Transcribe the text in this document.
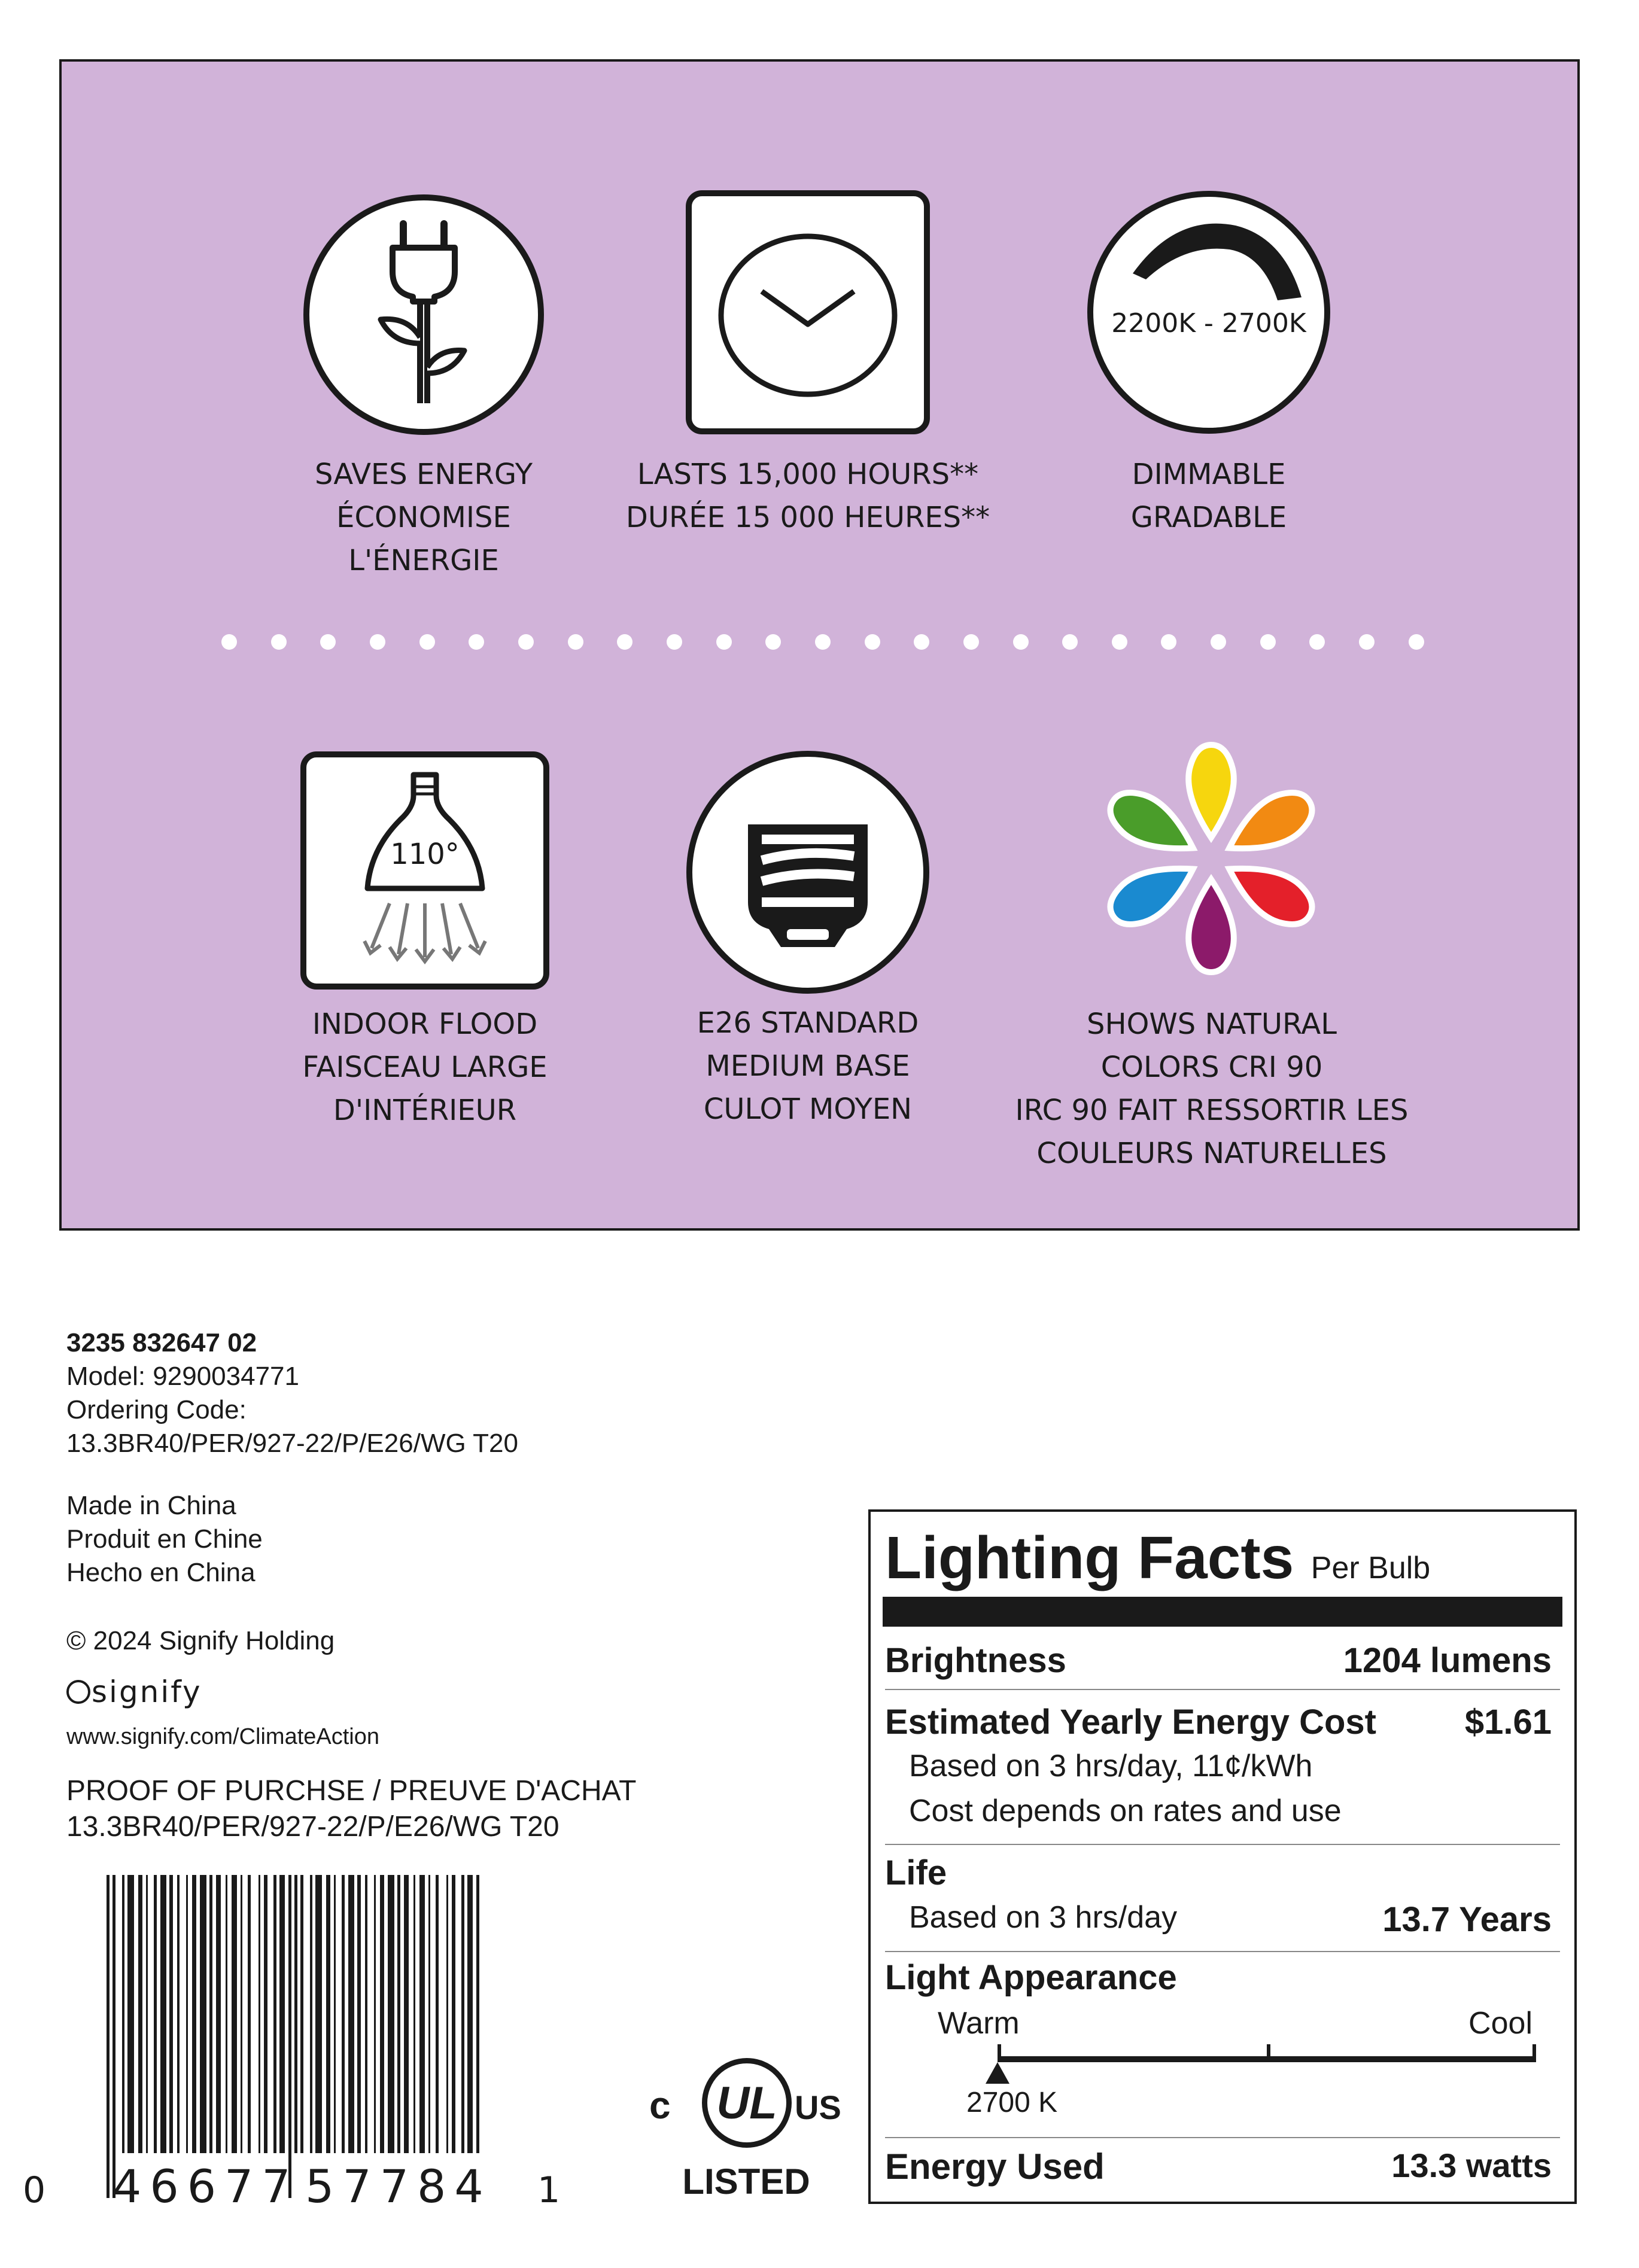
2200K - 2700K
SAVES ENERGY
ÉCONOMISE
L'ÉNERGIE
LASTS 15,000 HOURS**
DURÉE 15 000 HEURES**
DIMMABLE
GRADABLE
110°
INDOOR FLOOD
FAISCEAU LARGE
D'INTÉRIEUR
E26 STANDARD
MEDIUM BASE
CULOT MOYEN
SHOWS NATURAL
COLORS CRI 90
IRC 90 FAIT RESSORTIR LES
COULEURS NATURELLES
3235 832647 02
Model: 9290034771
Ordering Code:
13.3BR40/PER/927-22/P/E26/WG T20
Made in China
Produit en Chine
Hecho en China
© 2024 Signify Holding
signify
www.signify.com/ClimateAction
PROOF OF PURCHSE / PREUVE D'ACHAT
13.3BR40/PER/927-22/P/E26/WG T20
0 46677 57784 1
UL
c	US
LISTED
Lighting Facts Per Bulb
Brightness	1204 lumens
Estimated Yearly Energy Cost	$1.61
Based on 3 hrs/day, 11¢/kWh
Cost depends on rates and use
Life
Based on 3 hrs/day	13.7 Years
Light Appearance
Warm	Cool
2700 K
Energy Used	13.3 watts
